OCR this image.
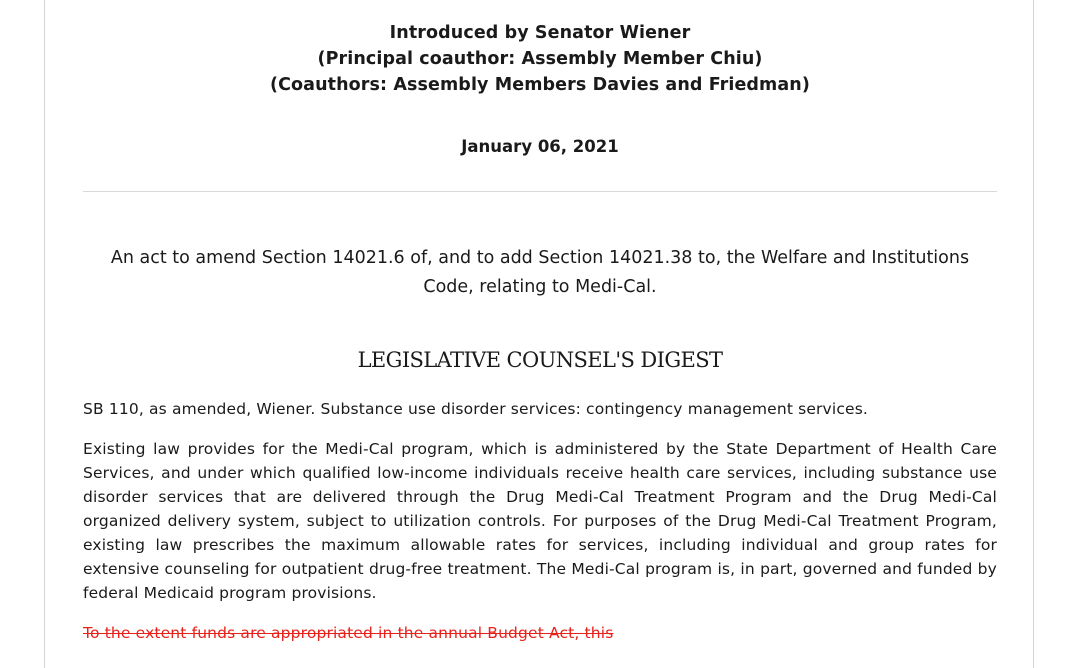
Introduced by Senator Wiener
(Principal coauthor: Assembly Member Chiu)
(Coauthors: Assembly Members Davies and Friedman)
January 06, 2021
An act to amend Section 14021.6 of, and to add Section 14021.38 to, the Welfare and Institutions Code, relating to Medi-Cal.
LEGISLATIVE COUNSEL'S DIGEST
SB 110, as amended, Wiener. Substance use disorder services: contingency management services.
Existing law provides for the Medi-Cal program, which is administered by the State Department of Health Care Services, and under which qualified low-income individuals receive health care services, including substance use disorder services that are delivered through the Drug Medi-Cal Treatment Program and the Drug Medi-Cal organized delivery system, subject to utilization controls. For purposes of the Drug Medi-Cal Treatment Program, existing law prescribes the maximum allowable rates for services, including individual and group rates for extensive counseling for outpatient drug-free treatment. The Medi-Cal program is, in part, governed and funded by federal Medicaid program provisions.
To the extent funds are appropriated in the annual Budget Act, this
